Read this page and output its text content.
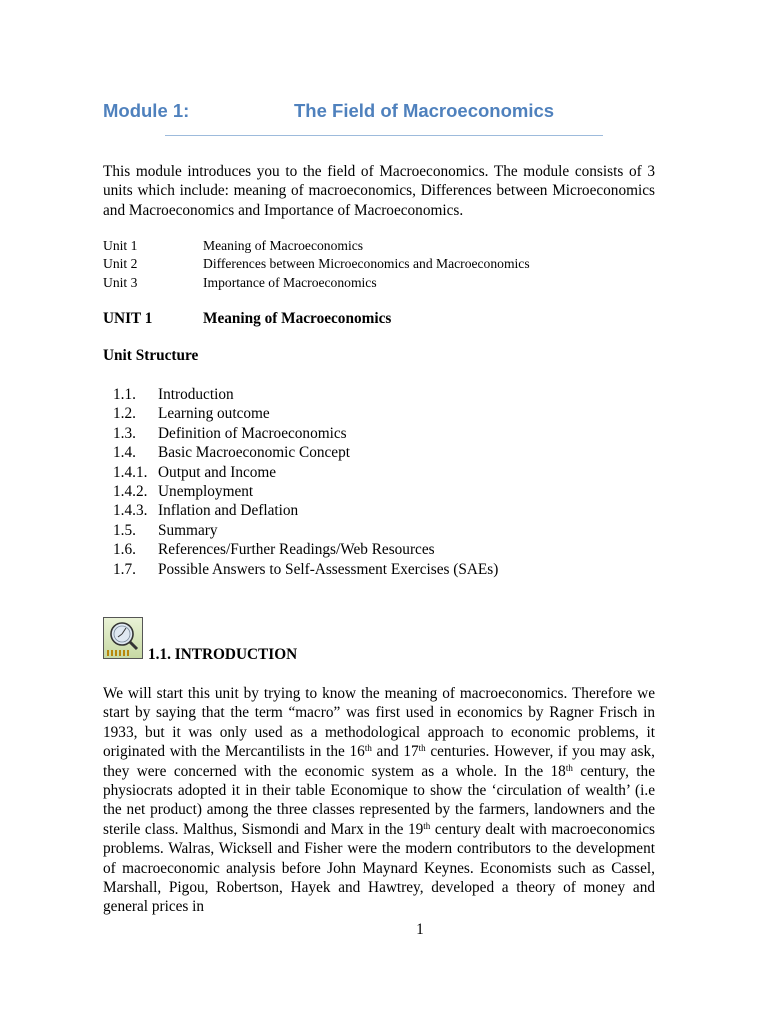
Module 1:	The Field of Macroeconomics

This module introduces you to the field of Macroeconomics. The module consists of 3 units which include: meaning of macroeconomics, Differences between Microeconomics and Macroeconomics and Importance of Macroeconomics.

Unit 1	Meaning of Macroeconomics
Unit 2	Differences between Microeconomics and Macroeconomics
Unit 3	Importance of Macroeconomics
UNIT 1	Meaning of Macroeconomics
Unit Structure
1.1. Introduction
1.2. Learning outcome
1.3. Definition of Macroeconomics
1.4. Basic Macroeconomic Concept
1.4.1. Output and Income
1.4.2. Unemployment
1.4.3. Inflation and Deflation
1.5. Summary
1.6. References/Further Readings/Web Resources
1.7. Possible Answers to Self-Assessment Exercises (SAEs)
1.1. INTRODUCTION

We will start this unit by trying to know the meaning of macroeconomics. Therefore we start by saying that the term “macro” was first used in economics by Ragner Frisch in 1933, but it was only used as a methodological approach to economic problems, it originated with the Mercantilists in the 16th and 17th centuries. However, if you may ask, they were concerned with the economic system as a whole. In the 18th century, the physiocrats adopted it in their table Economique to show the ‘circulation of wealth’ (i.e the net product) among the three classes represented by the farmers, landowners and the sterile class. Malthus, Sismondi and Marx in the 19th century dealt with macroeconomics problems. Walras, Wicksell and Fisher were the modern contributors to the development of macroeconomic analysis before John Maynard Keynes. Economists such as Cassel, Marshall, Pigou, Robertson, Hayek and Hawtrey, developed a theory of money and general prices in

1
